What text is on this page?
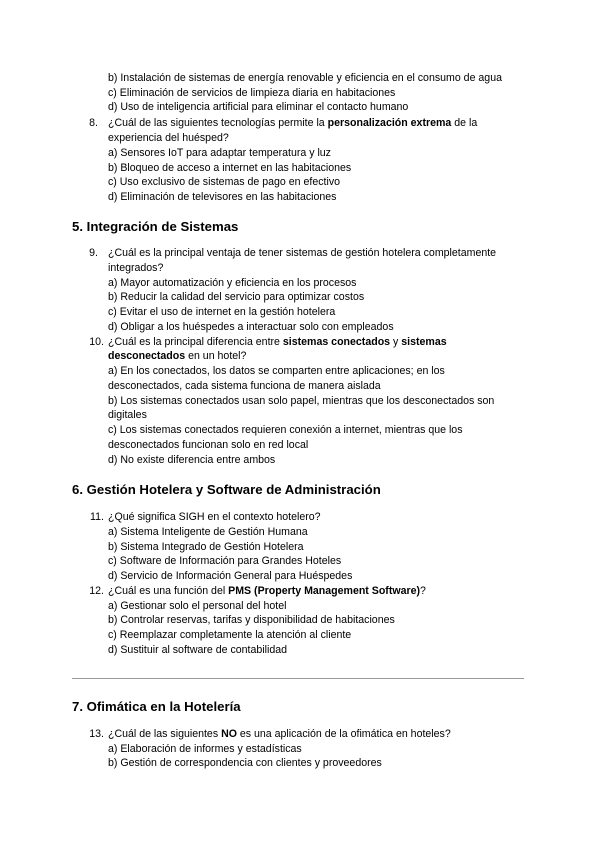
b) Instalación de sistemas de energía renovable y eficiencia en el consumo de agua
c) Eliminación de servicios de limpieza diaria en habitaciones
d) Uso de inteligencia artificial para eliminar el contacto humano
8. ¿Cuál de las siguientes tecnologías permite la personalización extrema de la
experiencia del huésped?
a) Sensores IoT para adaptar temperatura y luz
b) Bloqueo de acceso a internet en las habitaciones
c) Uso exclusivo de sistemas de pago en efectivo
d) Eliminación de televisores en las habitaciones
5. Integración de Sistemas
9. ¿Cuál es la principal ventaja de tener sistemas de gestión hotelera completamente
integrados?
a) Mayor automatización y eficiencia en los procesos
b) Reducir la calidad del servicio para optimizar costos
c) Evitar el uso de internet en la gestión hotelera
d) Obligar a los huéspedes a interactuar solo con empleados
10. ¿Cuál es la principal diferencia entre sistemas conectados y sistemas
desconectados en un hotel?
a) En los conectados, los datos se comparten entre aplicaciones; en los
desconectados, cada sistema funciona de manera aislada
b) Los sistemas conectados usan solo papel, mientras que los desconectados son
digitales
c) Los sistemas conectados requieren conexión a internet, mientras que los
desconectados funcionan solo en red local
d) No existe diferencia entre ambos
6. Gestión Hotelera y Software de Administración
11. ¿Qué significa SIGH en el contexto hotelero?
a) Sistema Inteligente de Gestión Humana
b) Sistema Integrado de Gestión Hotelera
c) Software de Información para Grandes Hoteles
d) Servicio de Información General para Huéspedes
12. ¿Cuál es una función del PMS (Property Management Software)?
a) Gestionar solo el personal del hotel
b) Controlar reservas, tarifas y disponibilidad de habitaciones
c) Reemplazar completamente la atención al cliente
d) Sustituir al software de contabilidad
7. Ofimática en la Hotelería
13. ¿Cuál de las siguientes NO es una aplicación de la ofimática en hoteles?
a) Elaboración de informes y estadísticas
b) Gestión de correspondencia con clientes y proveedores
